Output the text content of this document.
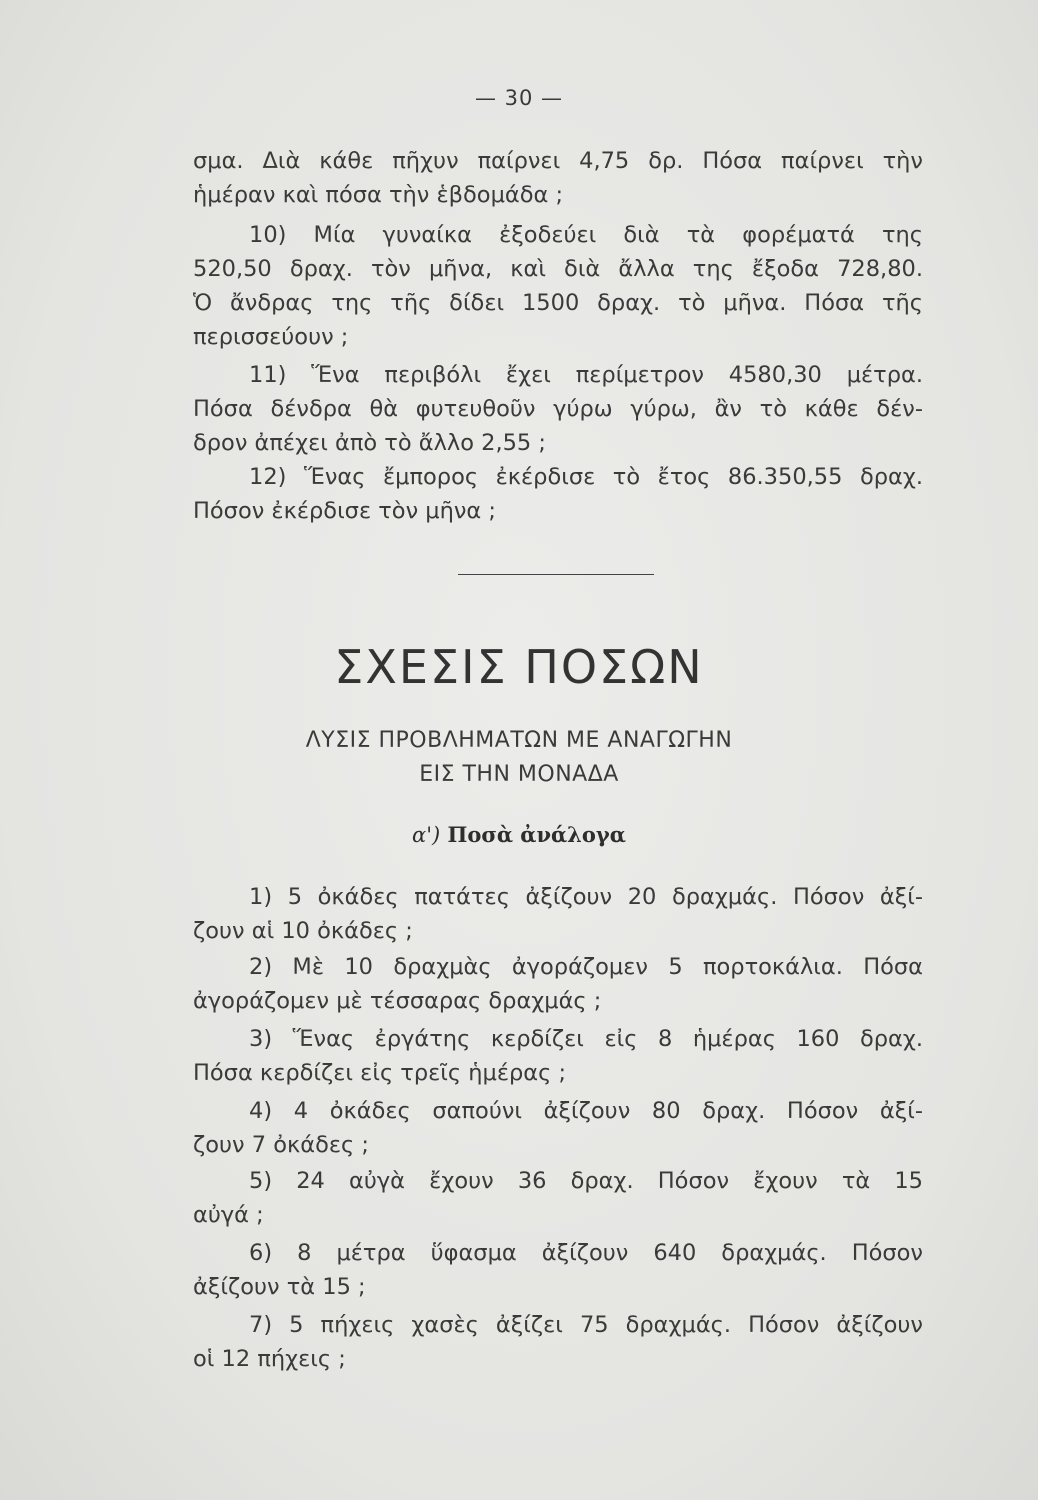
— 30 —
σμα. Διὰ κάθε πῆχυν παίρνει 4,75 δρ. Πόσα παίρνει τὴν
ἡμέραν καὶ πόσα τὴν ἑβδομάδα ;
10) Μία γυναίκα ἐξοδεύει διὰ τὰ φορέματά της
520,50 δραχ. τὸν μῆνα, καὶ διὰ ἄλλα της ἔξοδα 728,80.
Ὁ ἄνδρας της τῆς δίδει 1500 δραχ. τὸ μῆνα. Πόσα τῆς
περισσεύουν ;
11) Ἕνα περιβόλι ἔχει περίμετρον 4580,30 μέτρα.
Πόσα δένδρα θὰ φυτευθοῦν γύρω γύρω, ἂν τὸ κάθε δέν-
δρον ἀπέχει ἀπὸ τὸ ἄλλο 2,55 ;
12) Ἕνας ἔμπορος ἐκέρδισε τὸ ἔτος 86.350,55 δραχ.
Πόσον ἐκέρδισε τὸν μῆνα ;
ΣΧΕΣΙΣ ΠΟΣΩΝ
ΛΥΣΙΣ ΠΡΟΒΛΗΜΑΤΩΝ ΜΕ ΑΝΑΓΩΓΗΝ
ΕΙΣ ΤΗΝ ΜΟΝΑΔΑ
α') Ποσὰ ἀνάλογα
1) 5 ὀκάδες πατάτες ἀξίζουν 20 δραχμάς. Πόσον ἀξί-
ζουν αἱ 10 ὀκάδες ;
2) Μὲ 10 δραχμὰς ἀγοράζομεν 5 πορτοκάλια. Πόσα
ἀγοράζομεν μὲ τέσσαρας δραχμάς ;
3) Ἕνας ἐργάτης κερδίζει εἰς 8 ἡμέρας 160 δραχ.
Πόσα κερδίζει εἰς τρεῖς ἡμέρας ;
4) 4 ὀκάδες σαπούνι ἀξίζουν 80 δραχ. Πόσον ἀξί-
ζουν 7 ὀκάδες ;
5) 24 αὐγὰ ἔχουν 36 δραχ. Πόσον ἔχουν τὰ 15
αὐγά ;
6) 8 μέτρα ὕφασμα ἀξίζουν 640 δραχμάς. Πόσον
ἀξίζουν τὰ 15 ;
7) 5 πήχεις χασὲς ἀξίζει 75 δραχμάς. Πόσον ἀξίζουν
οἱ 12 πήχεις ;
